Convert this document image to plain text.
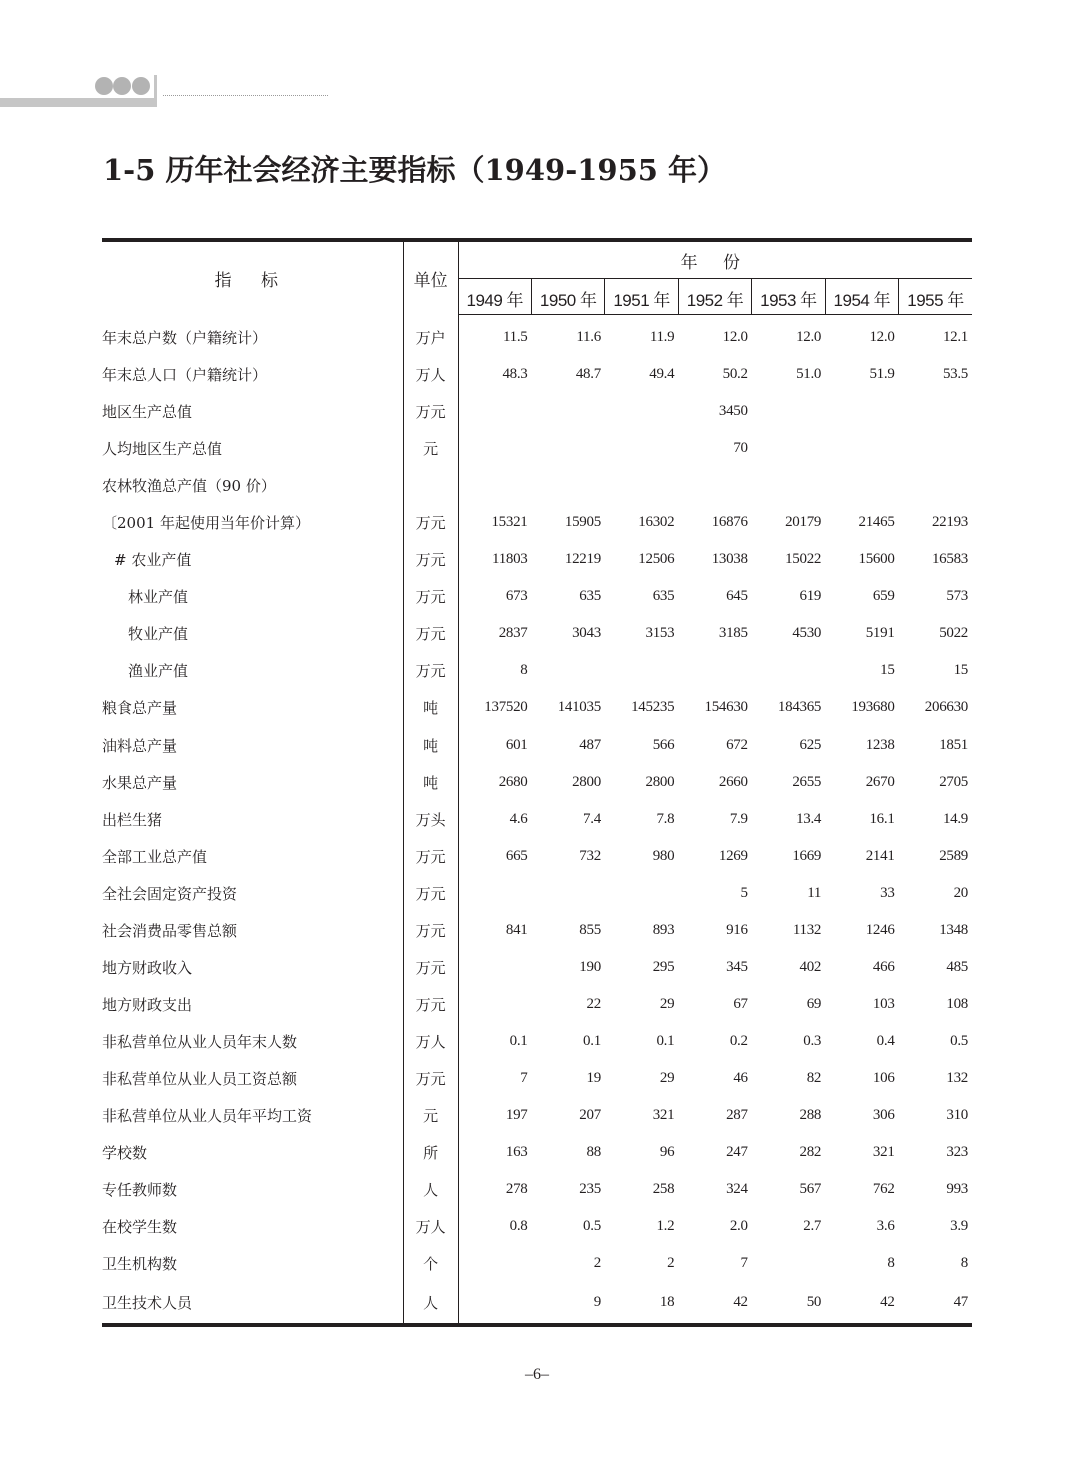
1-5 历年社会经济主要指标（1949-1955 年）
指 标	单位	年 份						
		1949 年	1950 年	1951 年	1952 年	1953 年	1954 年	1955 年
年末总户数（户籍统计）	万户	11.5	11.6	11.9	12.0	12.0	12.0	12.1
年末总人口（户籍统计）	万人	48.3	48.7	49.4	50.2	51.0	51.9	53.5
地区生产总值	万元				3450			
人均地区生产总值	元				70			
农林牧渔总产值（90 价）								
〔2001 年起使用当年价计算）	万元	15321	15905	16302	16876	20179	21465	22193
# 农业产值	万元	11803	12219	12506	13038	15022	15600	16583
林业产值	万元	673	635	635	645	619	659	573
牧业产值	万元	2837	3043	3153	3185	4530	5191	5022
渔业产值	万元	8					15	15
粮食总产量	吨	137520	141035	145235	154630	184365	193680	206630
油料总产量	吨	601	487	566	672	625	1238	1851
水果总产量	吨	2680	2800	2800	2660	2655	2670	2705
出栏生猪	万头	4.6	7.4	7.8	7.9	13.4	16.1	14.9
全部工业总产值	万元	665	732	980	1269	1669	2141	2589
全社会固定资产投资	万元				5	11	33	20
社会消费品零售总额	万元	841	855	893	916	1132	1246	1348
地方财政收入	万元		190	295	345	402	466	485
地方财政支出	万元		22	29	67	69	103	108
非私营单位从业人员年末人数	万人	0.1	0.1	0.1	0.2	0.3	0.4	0.5
非私营单位从业人员工资总额	万元	7	19	29	46	82	106	132
非私营单位从业人员年平均工资	元	197	207	321	287	288	306	310
学校数	所	163	88	96	247	282	321	323
专任教师数	人	278	235	258	324	567	762	993
在校学生数	万人	0.8	0.5	1.2	2.0	2.7	3.6	3.9
卫生机构数	个		2	2	7		8	8
卫生技术人员	人		9	18	42	50	42	47
–6–
